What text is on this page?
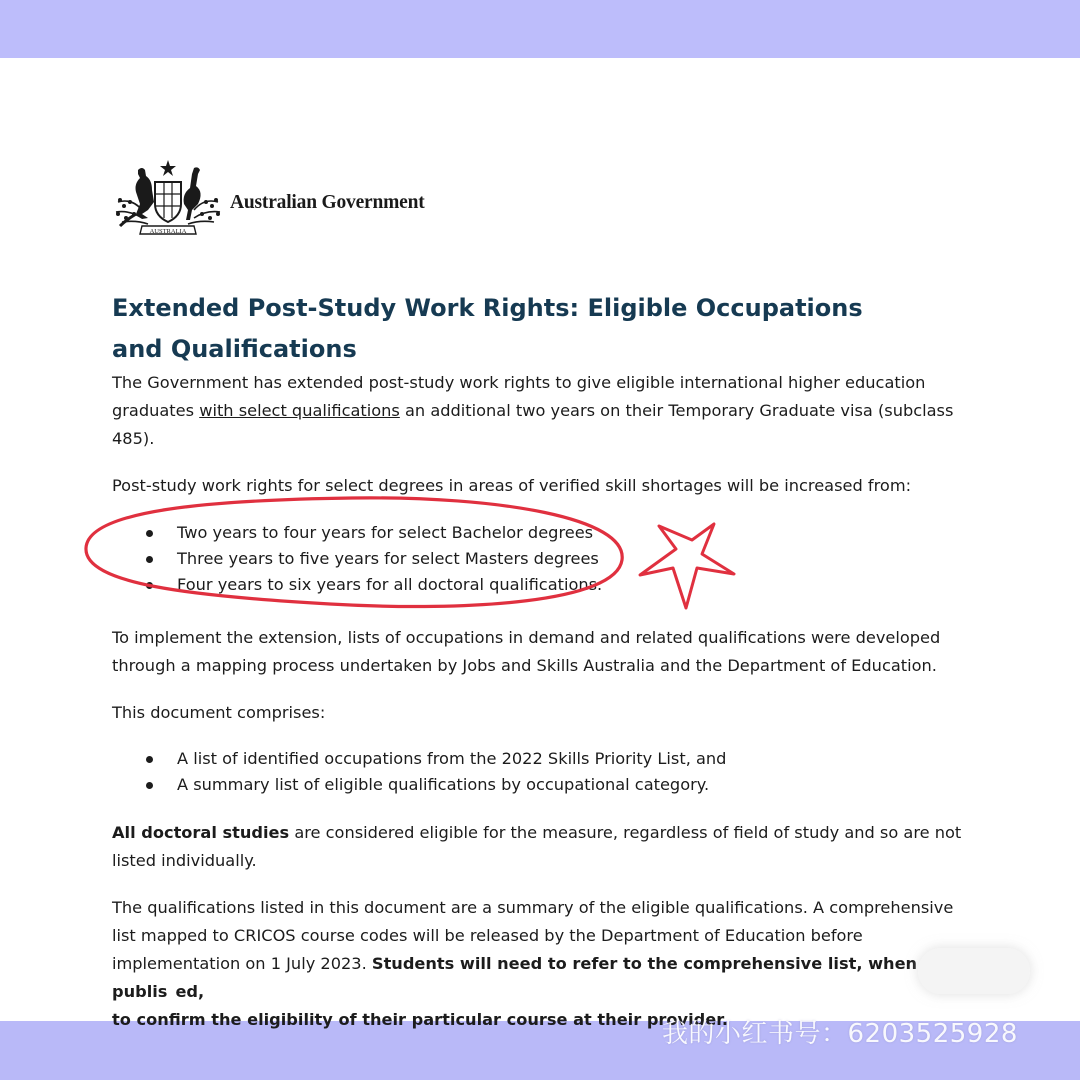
AUSTRALIA
Australian Government
Extended Post-Study Work Rights: Eligible Occupations and Qualifications

The Government has extended post-study work rights to give eligible international higher education graduates with select qualifications an additional two years on their Temporary Graduate visa (subclass 485).

Post-study work rights for select degrees in areas of verified skill shortages will be increased from:

Two years to four years for select Bachelor degrees
Three years to five years for select Masters degrees
Four years to six years for all doctoral qualifications.

To implement the extension, lists of occupations in demand and related qualifications were developed through a mapping process undertaken by Jobs and Skills Australia and the Department of Education.

This document comprises:

A list of identified occupations from the 2022 Skills Priority List, and
A summary list of eligible qualifications by occupational category.

All doctoral studies are considered eligible for the measure, regardless of field of study and so are not listed individually.

The qualifications listed in this document are a summary of the eligible qualifications. A comprehensive list mapped to CRICOS course codes will be released by the Department of Education before implementation on 1 July 2023. Students will need to refer to the comprehensive list, when publis ed,
to confirm the eligibility of their particular course at their provider.

我的小红书号：6203525928
